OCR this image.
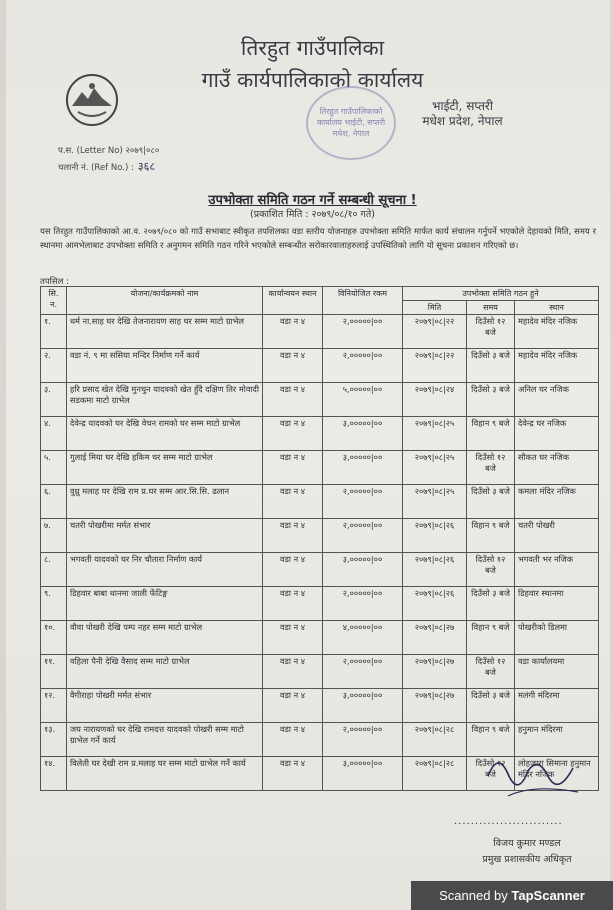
तिरहुत गाउँपालिका
गाउँ कार्यपालिकाको कार्यालय
भाईटी, सप्तरी
मधेश प्रदेश, नेपाल
तिरहुत गाउँपालिकाको कार्यालय भाईटी, सप्तरी मधेश, नेपाल
प.स. (Letter No) २०७९|०८०
चलानी नं. (Ref No.) : ३६८
उपभोक्ता समिति गठन गर्ने सम्बन्धी सूचना !
(प्रकाशित मिति : २०७९/०८/१० गते)
यस तिरहुत गाउँपालिकाको आ.व. २०७९/०८० को गाउँ सभाबाट स्वीकृत तपशिलका वडा स्तरीय योजनाहरु उपभोक्ता समिति मार्फत कार्य संचालन गर्नुपर्ने भएकोले देहायको मिति, समय र स्थानमा आमभेलाबाट उपभोक्ता समिति र अनुगमन समिति गठन गरिने भएकोले सम्बन्धीत सरोकारवालाहरुलाई उपस्थितिको लागि यो सूचना प्रकाशन गरिएको छ।
तपसिल :
सि. न.	योजना/कार्यक्रमको नाम	कार्यान्वयन स्थान	विनियोजित रकम	उपभोक्ता समिति गठन हुने		
				मिति	समय	स्थान
१.	धर्म ना.साह घर देखि तेजनारायण साह घर सम्म माटो ग्राभेल	वडा न ४	२,०००००|००	२०७९|०८|२२	दिउँसो १२ बजे	महादेव मंदिर नजिक
२.	वडा नं. ९ मा ससिया मन्दिर निर्माण गर्ने कार्य	वडा न ४	२,०००००|००	२०७९|०८|२२	दिउँसो ३ बजे	महादेव मंदिर नजिक
३.	हरि प्रसाद खेत देखि मुनचुन यादवको खेत हुँदै दक्षिण तिर मोवादी सडकमा माटो ग्राभेल	वडा न ४	५,०००००|००	२०७९|०८|२४	दिउँसो ३ बजे	अनिल घर नजिक
४.	देवेन्द्र यादवको घर देखि वेचन रामको घर सम्म माटो ग्राभेल	वडा न ४	३,०००००|००	२०७९|०८|२५	विहान ९ बजे	देवेन्द्र घर नजिक
५.	गुलाई मिया घर देखि हकिम घर सम्म माटो ग्राभेल	वडा न ४	३,०००००|००	२०७९|०८|२५	दिउँसो १२ बजे	सौकत घर नजिक
६.	वुध्रु मलाह घर देखि राम प्र.घर सम्म आर.सि.सि. ढलान	वडा न ४	२,०००००|००	२०७९|०८|२५	दिउँसो ३ बजे	कमला मंदिर नजिक
७.	चतरी पोखरीमा मर्मत संभार	वडा न ४	२,०००००|००	२०७९|०८|२६	विहान ९ बजे	चतरी पोखरी
८.	भगवती यादवको घर निर चौतारा निर्माण कार्य	वडा न ४	३,०००००|००	२०७९|०८|२६	दिउँसो १२ बजे	भगवती भर नजिक
९.	डिहवार बाबा थानमा जाली फेंटिङ्ग	वडा न ४	२,०००००|००	२०७९|०८|२६	दिउँसो ३ बजे	डिहवार स्थानमा
१०.	वौवा पोखरी देखि पम्प नहर सम्म माटो ग्राभेल	वडा न ४	४,०००००|००	२०७९|०८|२७	विहान ९ बजे	पोखरीको डिलमा
११.	वहिला पैनी देखि वैसाद सम्म माटो ग्राभेल	वडा न ४	२,०००००|००	२०७९|०८|२७	दिउँसो १२ बजे	वडा कार्यालयमा
१२.	वैगीराहा पोखरी मर्मत संभार	वडा न ४	३,०००००|००	२०७९|०८|२७	दिउँसो ३ बजे	मलंगी मंदिरमा
१३.	जय नारायणको घर देखि रामदत्त यादवको पोखरी सम्म माटो ग्राभेल गर्ने कार्य	वडा न ४	२,०००००|००	२०७९|०८|२८	विहान ९ बजे	हनुमान मंदिरमा
१४.	विलेती घर देखी राम प्र.मलाह घर सम्म माटो ग्राभेल गर्ने कार्य	वडा न ४	३,०००००|००	२०७९|०८|२८	दिउँसो १२ बजे	लोहजारा सिमाना हनुमान मंदिर नजिक
..........................
विजय कुमार मण्डल
प्रमुख प्रशासकीय अधिकृत
Scanned by TapScanner
